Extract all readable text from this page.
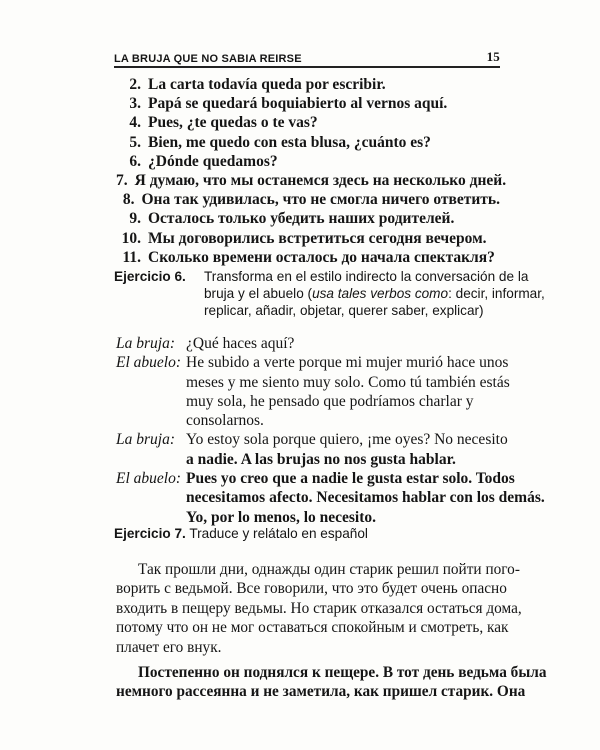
LA BRUJA QUE NO SABIA REIRSE	15
2. La carta todavía queda por escribir.
3. Papá se quedará boquiabierto al vernos aquí.
4. Pues, ¿te quedas o te vas?
5. Bien, me quedo con esta blusa, ¿cuánto es?
6. ¿Dónde quedamos?
7. Я думаю, что мы останемся здесь на несколько дней.
8. Она так удивилась, что не смогла ничего ответить.
9. Осталось только убедить наших родителей.
10. Мы договорились встретиться сегодня вечером.
11. Сколько времени осталось до начала спектакля?
Ejercicio 6.	Transforma en el estilo indirecto la conversación de la
bruja y el abuelo (usa tales verbos como: decir, informar,
replicar, añadir, objetar, querer saber, explicar)
La bruja: ¿Qué haces aquí?
El abuelo: He subido a verte porque mi mujer murió hace unos
meses y me siento muy solo. Como tú también estás
muy sola, he pensado que podríamos charlar y
consolarnos.
La bruja: Yo estoy sola porque quiero, ¡me oyes? No necesito
a nadie. A las brujas no nos gusta hablar.
El abuelo: Pues yo creo que a nadie le gusta estar solo. Todos
necesitamos afecto. Necesitamos hablar con los demás.
Yo, por lo menos, lo necesito.
Ejercicio 7. Traduce y relátalo en español
Так прошли дни, однажды один старик решил пойти пого-
ворить с ведьмой. Все говорили, что это будет очень опасно
входить в пещеру ведьмы. Но старик отказался остаться дома,
потому что он не мог оставаться спокойным и смотреть, как
плачет его внук.
Постепенно он поднялся к пещере. В тот день ведьма была
немного рассеянна и не заметила, как пришел старик. Она
